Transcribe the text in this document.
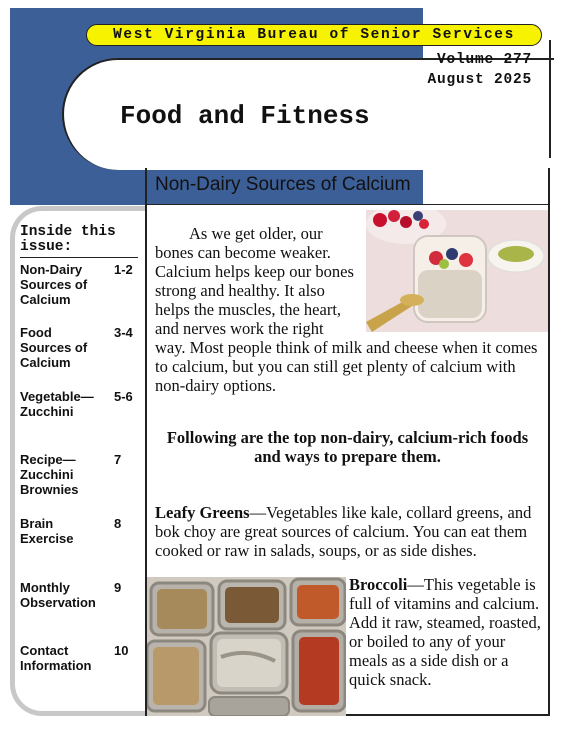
West Virginia Bureau of Senior Services
Volume 277
August 2025
Food and Fitness
Non-Dairy Sources of Calcium

As we get older, our bones can become weaker. Calcium helps keep our bones strong and healthy. It also helps the muscles, the heart, and nerves work the right way. Most people think of milk and cheese when it comes to calcium, but you can still get plenty of calcium with non-dairy options.

Following are the top non-dairy, calcium-rich foods and ways to prepare them.

Leafy Greens—Vegetables like kale, collard greens, and bok choy are great sources of calcium. You can eat them cooked or raw in salads, soups, or as side dishes.

Broccoli—This vegetable is full of vitamins and calcium. Add it raw, steamed, roasted, or boiled to any of your meals as a side dish or a quick snack.
Inside this
issue:
Non-Dairy Sources of Calcium
1-2
Food Sources of Calcium
3-4
Vegetable—Zucchini
5-6
Recipe—Zucchini Brownies
7
Brain Exercise
8
Monthly Observation
9
Contact Information
10
